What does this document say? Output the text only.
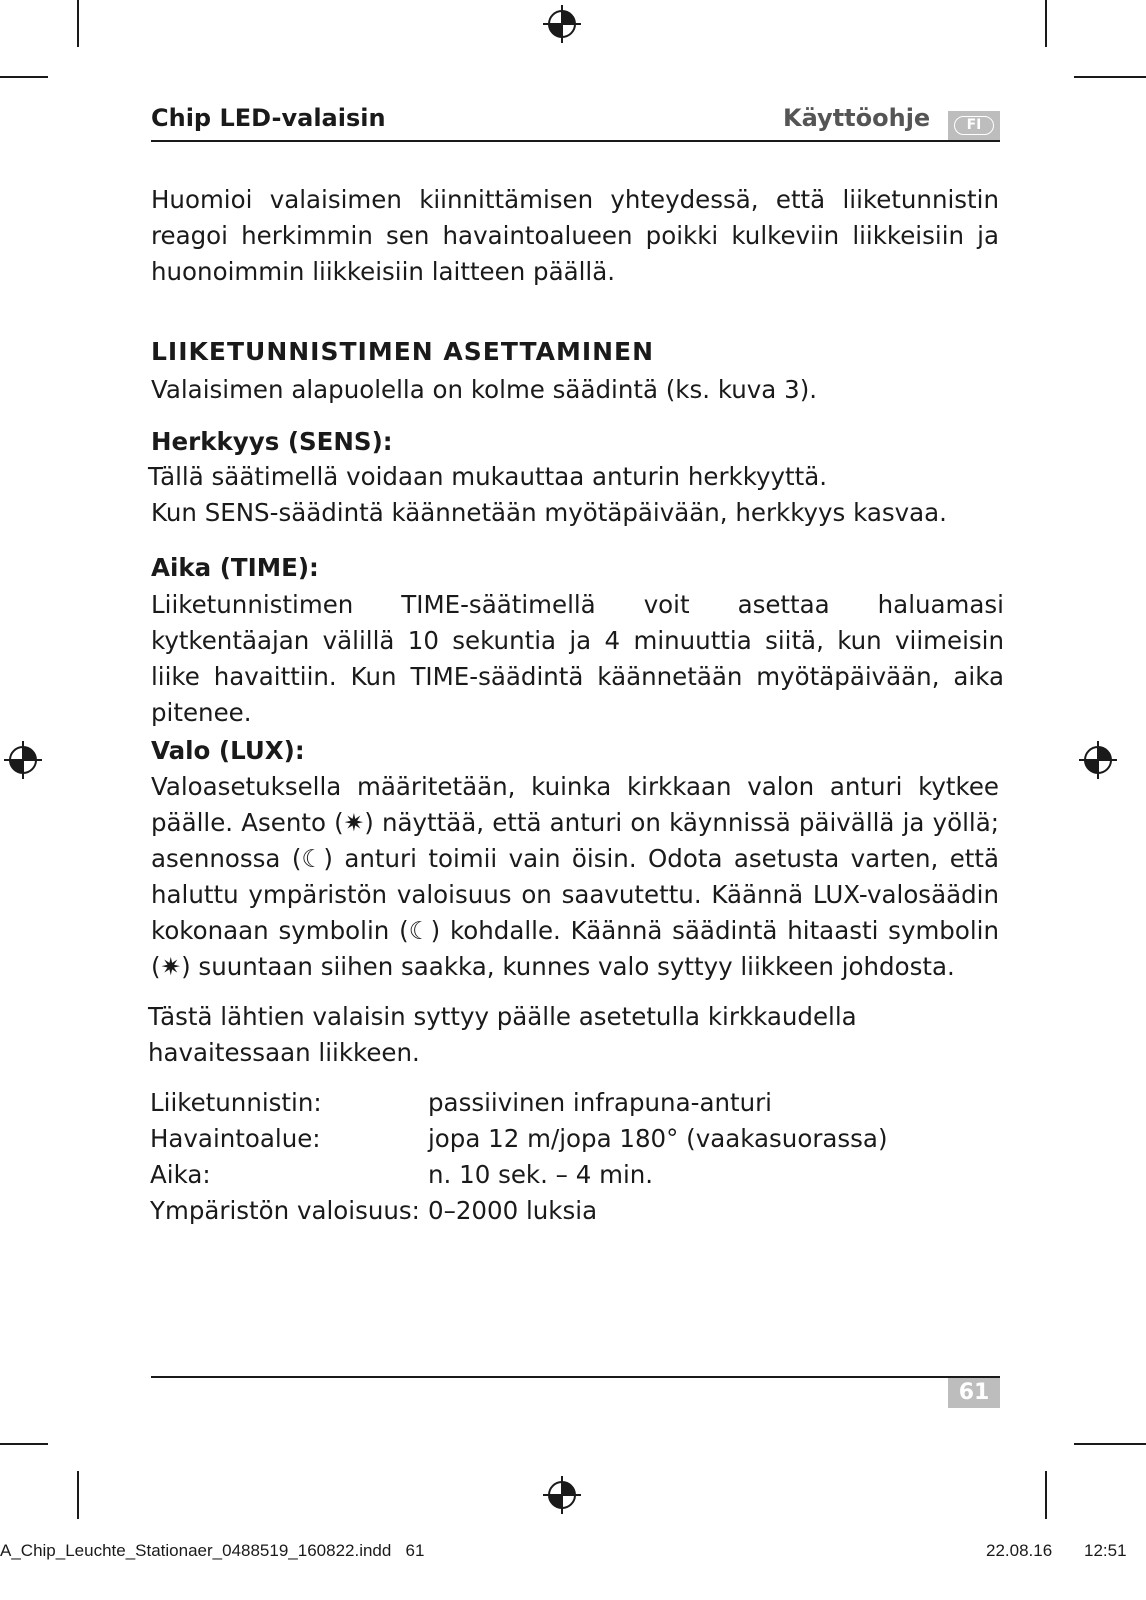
Chip LED-valaisin	Käyttöohje	FI

Huomioi valaisimen kiinnittämisen yhteydessä, että liiketunnistin reagoi herkimmin sen havaintoalueen poikki kulkeviin liikkeisiin ja huonoimmin liikkeisiin laitteen päällä.

LIIKETUNNISTIMEN ASETTAMINEN
Valaisimen alapuolella on kolme säädintä (ks. kuva 3).
Herkkyys (SENS):
Tällä säätimellä voidaan mukauttaa anturin herkkyyttä.
Kun SENS-säädintä käännetään myötäpäivään, herkkyys kasvaa.
Aika (TIME):

Liiketunnistimen TIME-säätimellä voit asettaa haluamasi kytkentäajan välillä 10 sekuntia ja 4 minuuttia siitä, kun viimeisin liike havaittiin. Kun TIME-säädintä käännetään myötäpäivään, aika pitenee.

Valo (LUX):

Valoasetuksella määritetään, kuinka kirkkaan valon anturi kytkee päälle. Asento (✷) näyttää, että anturi on käynnissä päivällä ja yöllä; asennossa (☾) anturi toimii vain öisin. Odota asetusta varten, että haluttu ympäristön valoisuus on saavutettu. Käännä LUX-valosäädin kokonaan symbolin (☾) kohdalle. Käännä säädintä hitaasti symbolin (✷) suuntaan siihen saakka, kunnes valo syttyy liikkeen johdosta.

Tästä lähtien valaisin syttyy päälle asetetulla kirkkaudella havaitessaan liikkeen.

Liiketunnistin:	passiivinen infrapuna-anturi
Havaintoalue:	jopa 12 m/jopa 180° (vaakasuorassa)
Aika:	n. 10 sek. – 4 min.
Ympäristön valoisuus: 0–2000 luksia
61
A_Chip_Leuchte_Stationaer_0488519_160822.indd   61	22.08.16 12:51
